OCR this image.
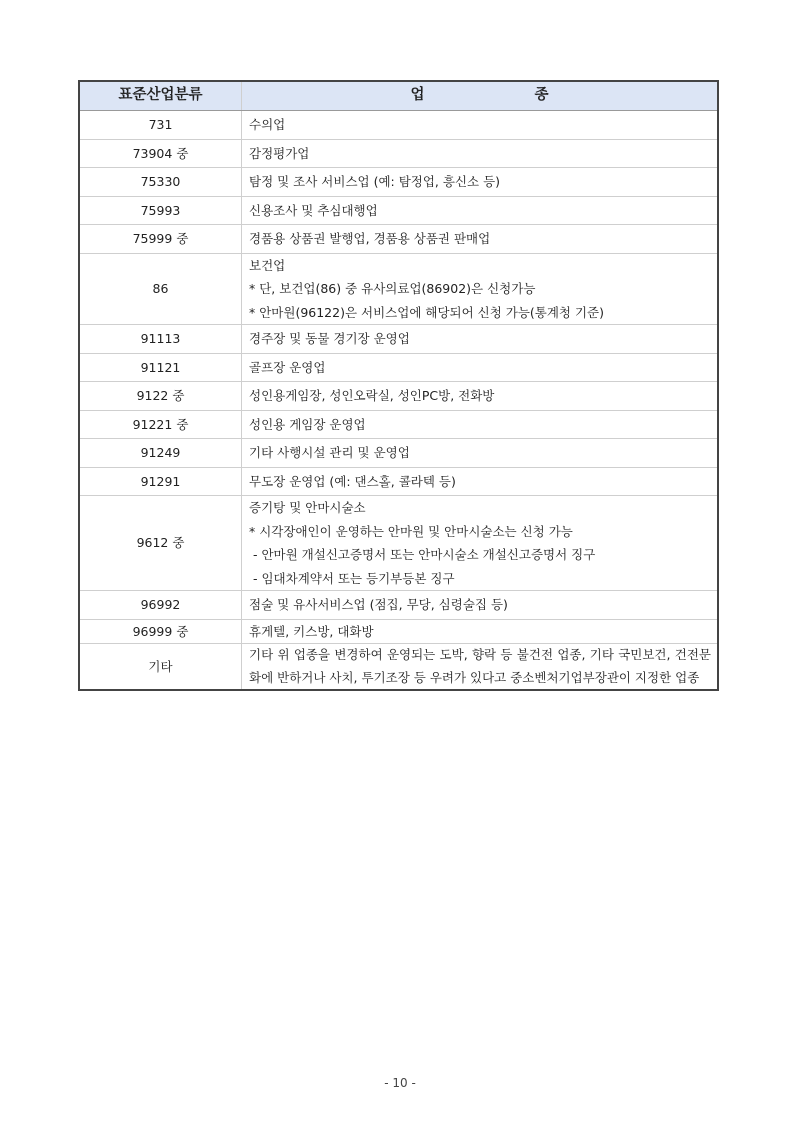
표준산업분류	업 종
731	수의업

73904 중	감정평가업

75330	탐정 및 조사 서비스업 (예: 탐정업, 흥신소 등)

75993	신용조사 및 추심대행업

75999 중	경품용 상품권 발행업, 경품용 상품권 판매업

86	보건업
* 단, 보건업(86) 중 유사의료업(86902)은 신청가능
* 안마원(96122)은 서비스업에 해당되어 신청 가능(통계청 기준)

91113	경주장 및 동물 경기장 운영업

91121	골프장 운영업

9122 중	성인용게임장, 성인오락실, 성인PC방, 전화방

91221 중	성인용 게임장 운영업

91249	기타 사행시설 관리 및 운영업

91291	무도장 운영업 (예: 댄스홀, 콜라텍 등)

9612 중	증기탕 및 안마시술소
* 시각장애인이 운영하는 안마원 및 안마시술소는 신청 가능
- 안마원 개설신고증명서 또는 안마시술소 개설신고증명서 징구
- 임대차계약서 또는 등기부등본 징구

96992	점술 및 유사서비스업 (점집, 무당, 심령술집 등)

96999 중	휴게텔, 키스방, 대화방

기타	기타 위 업종을 변경하여 운영되는 도박, 향락 등 불건전 업종, 기타 국민보건, 건전문화에 반하거나 사치, 투기조장 등 우려가 있다고 중소벤처기업부장관이 지정한 업종
- 10 -
